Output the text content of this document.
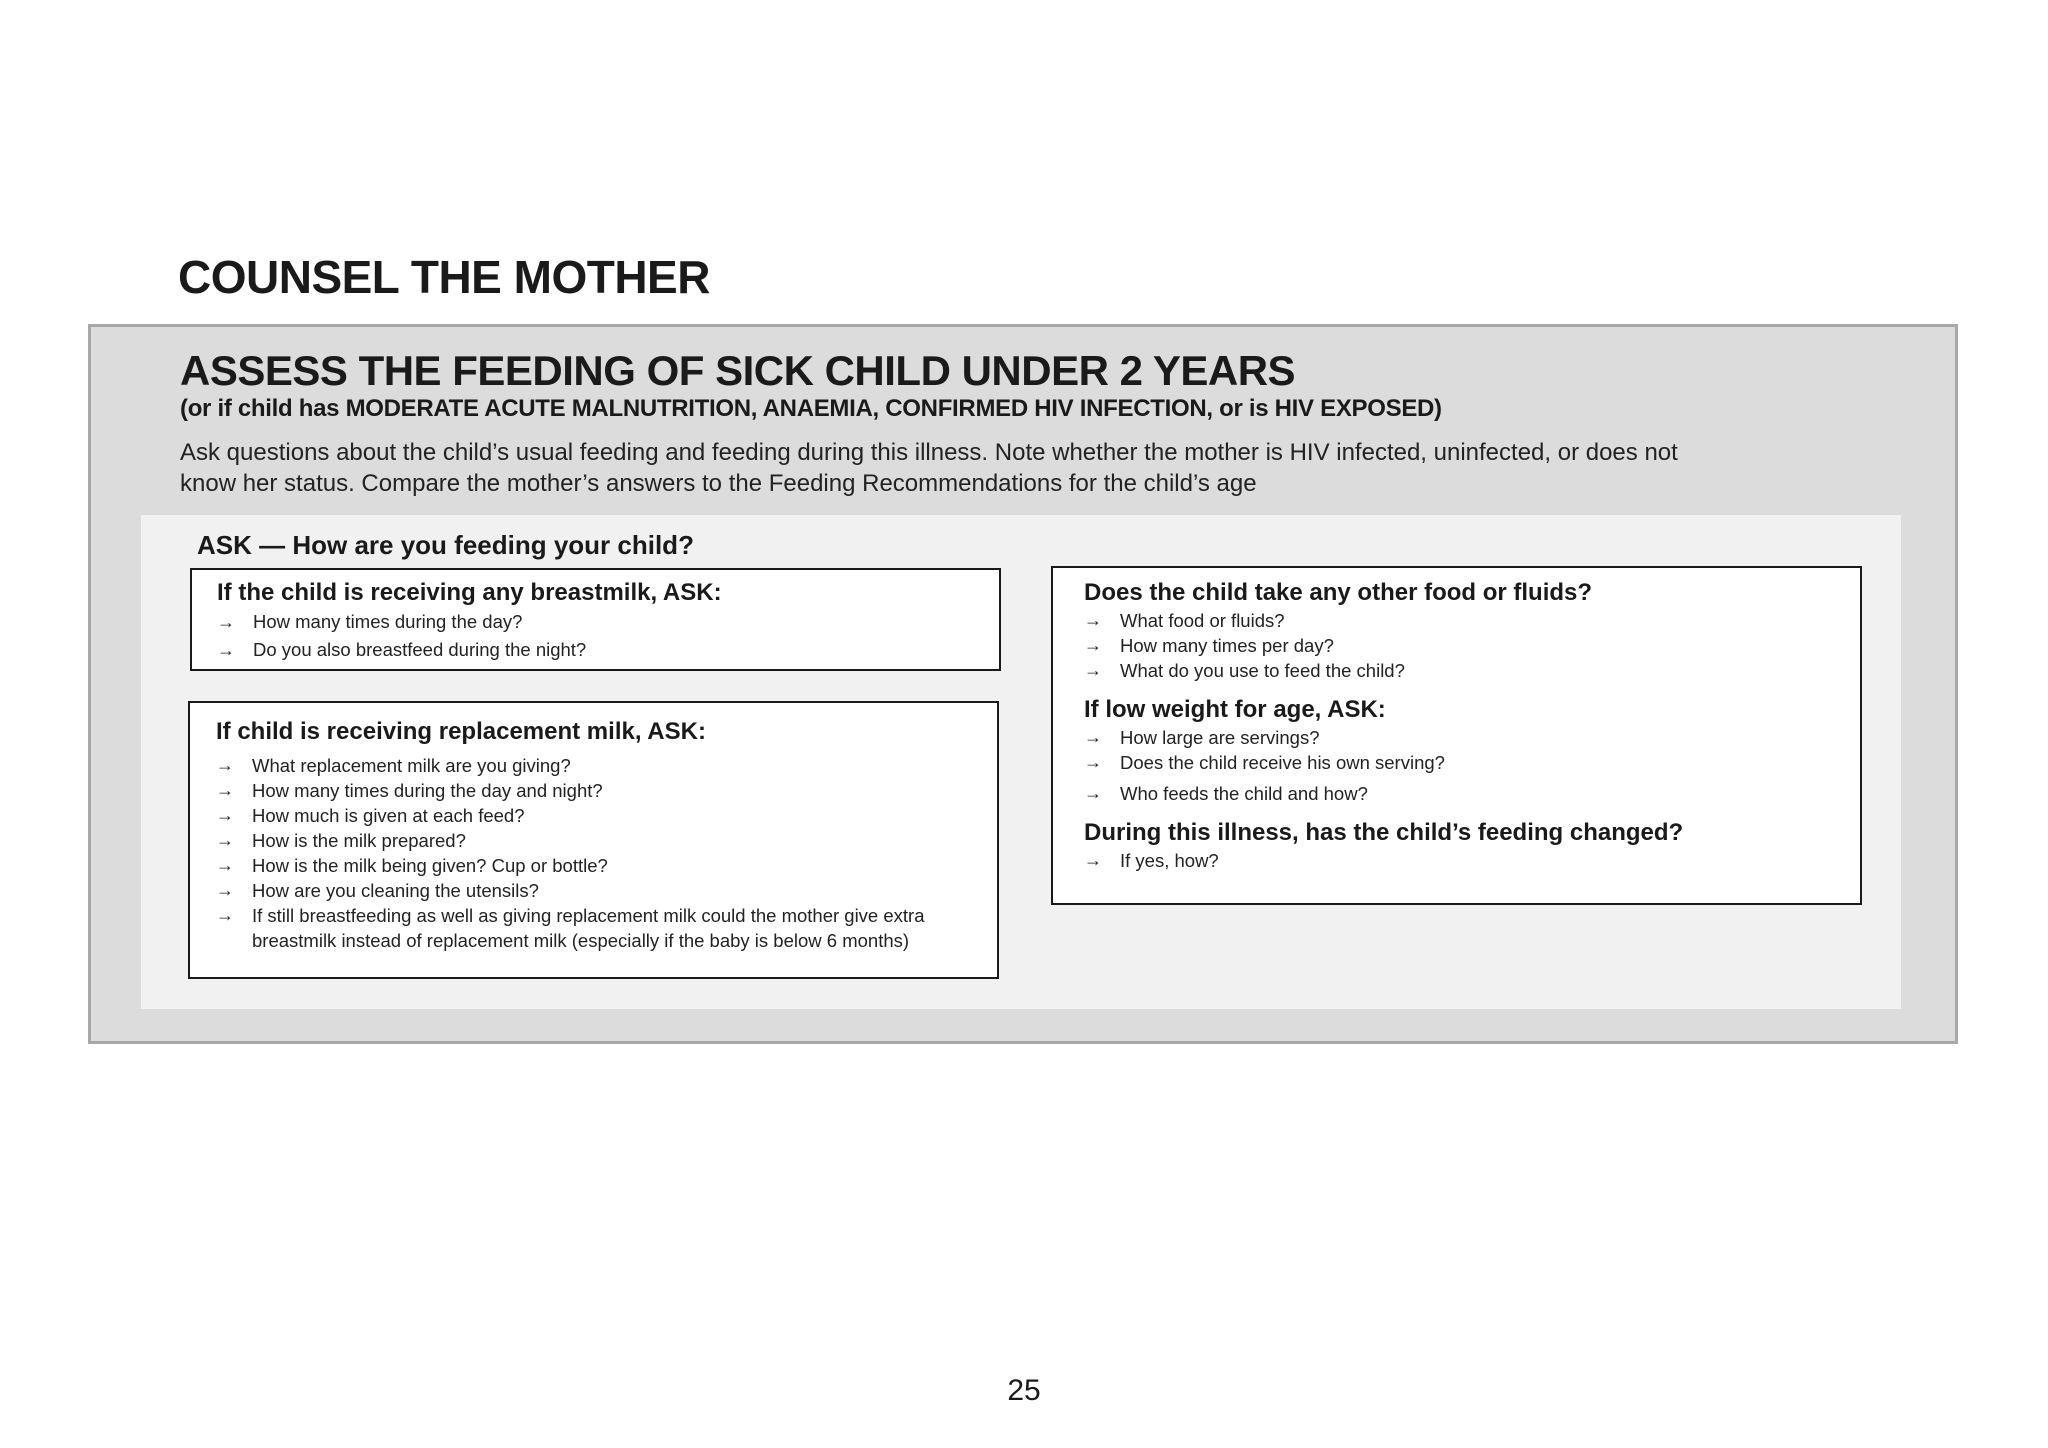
COUNSEL THE MOTHER
ASSESS THE FEEDING OF SICK CHILD UNDER 2 YEARS

(or if child has MODERATE ACUTE MALNUTRITION, ANAEMIA, CONFIRMED HIV INFECTION, or is HIV EXPOSED)

Ask questions about the child’s usual feeding and feeding during this illness. Note whether the mother is HIV infected, uninfected, or does not
know her status. Compare the mother’s answers to the Feeding Recommendations for the child’s age

ASK — How are you feeding your child?

If the child is receiving any breastmilk, ASK:

→ How many times during the day?
→ Do you also breastfeed during the night?

If child is receiving replacement milk, ASK:

→ What replacement milk are you giving?
→ How many times during the day and night?
→ How much is given at each feed?
→ How is the milk prepared?
→ How is the milk being given? Cup or bottle?
→ How are you cleaning the utensils?
→ If still breastfeeding as well as giving replacement milk could the mother give extra breastmilk instead of replacement milk (especially if the baby is below 6 months)

Does the child take any other food or fluids?

→ What food or fluids?
→ How many times per day?
→ What do you use to feed the child?

If low weight for age, ASK:

→ How large are servings?
→ Does the child receive his own serving?
→ Who feeds the child and how?

During this illness, has the child’s feeding changed?

→ If yes, how?
25
